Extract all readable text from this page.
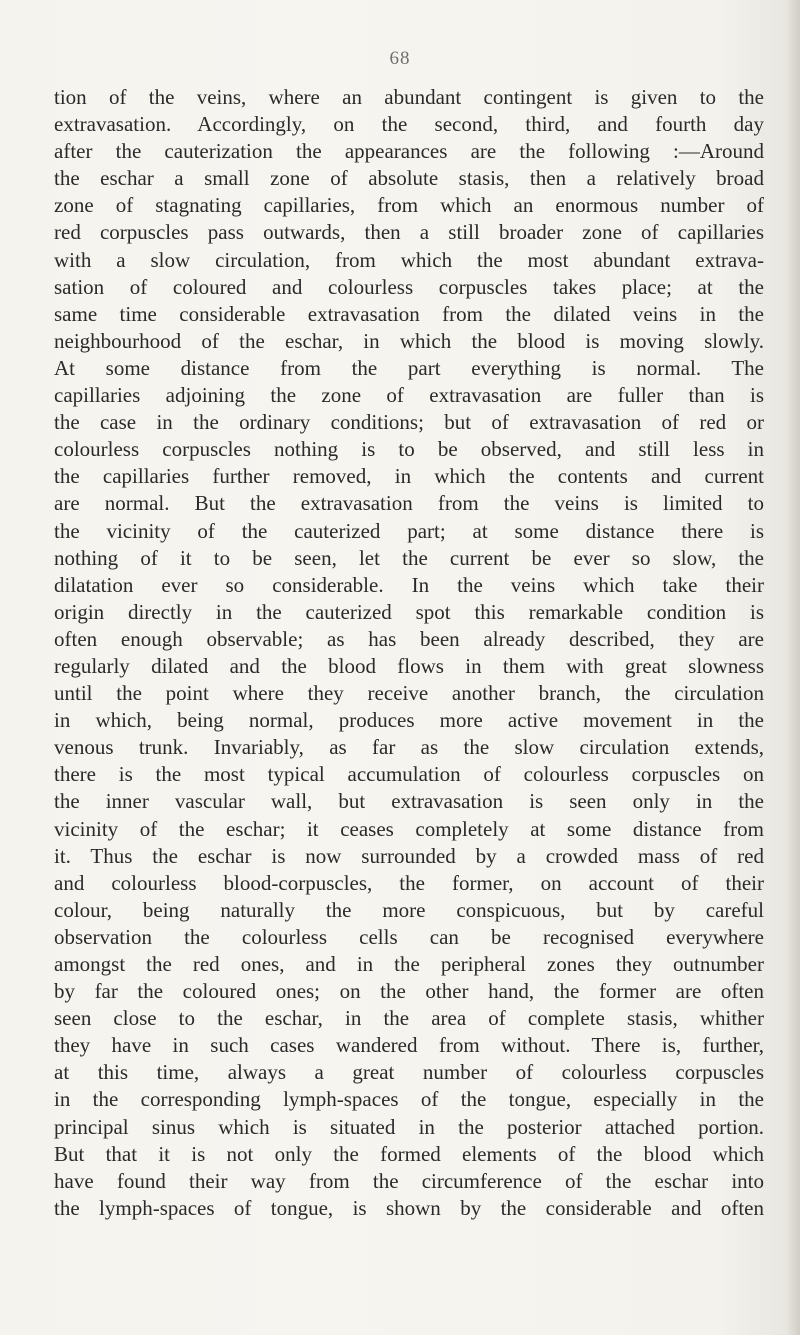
68
tion of the veins, where an abundant contingent is given to the
extravasation. Accordingly, on the second, third, and fourth day
after the cauterization the appearances are the following :—Around
the eschar a small zone of absolute stasis, then a relatively broad
zone of stagnating capillaries, from which an enormous number of
red corpuscles pass outwards, then a still broader zone of capillaries
with a slow circulation, from which the most abundant extrava-
sation of coloured and colourless corpuscles takes place; at the
same time considerable extravasation from the dilated veins in the
neighbourhood of the eschar, in which the blood is moving slowly.
At some distance from the part everything is normal. The
capillaries adjoining the zone of extravasation are fuller than is
the case in the ordinary conditions; but of extravasation of red or
colourless corpuscles nothing is to be observed, and still less in
the capillaries further removed, in which the contents and current
are normal. But the extravasation from the veins is limited to
the vicinity of the cauterized part; at some distance there is
nothing of it to be seen, let the current be ever so slow, the
dilatation ever so considerable. In the veins which take their
origin directly in the cauterized spot this remarkable condition is
often enough observable; as has been already described, they are
regularly dilated and the blood flows in them with great slowness
until the point where they receive another branch, the circulation
in which, being normal, produces more active movement in the
venous trunk. Invariably, as far as the slow circulation extends,
there is the most typical accumulation of colourless corpuscles on
the inner vascular wall, but extravasation is seen only in the
vicinity of the eschar; it ceases completely at some distance from
it. Thus the eschar is now surrounded by a crowded mass of red
and colourless blood-corpuscles, the former, on account of their
colour, being naturally the more conspicuous, but by careful
observation the colourless cells can be recognised everywhere
amongst the red ones, and in the peripheral zones they outnumber
by far the coloured ones; on the other hand, the former are often
seen close to the eschar, in the area of complete stasis, whither
they have in such cases wandered from without. There is, further,
at this time, always a great number of colourless corpuscles
in the corresponding lymph-spaces of the tongue, especially in the
principal sinus which is situated in the posterior attached portion.
But that it is not only the formed elements of the blood which
have found their way from the circumference of the eschar into
the lymph-spaces of tongue, is shown by the considerable and often
